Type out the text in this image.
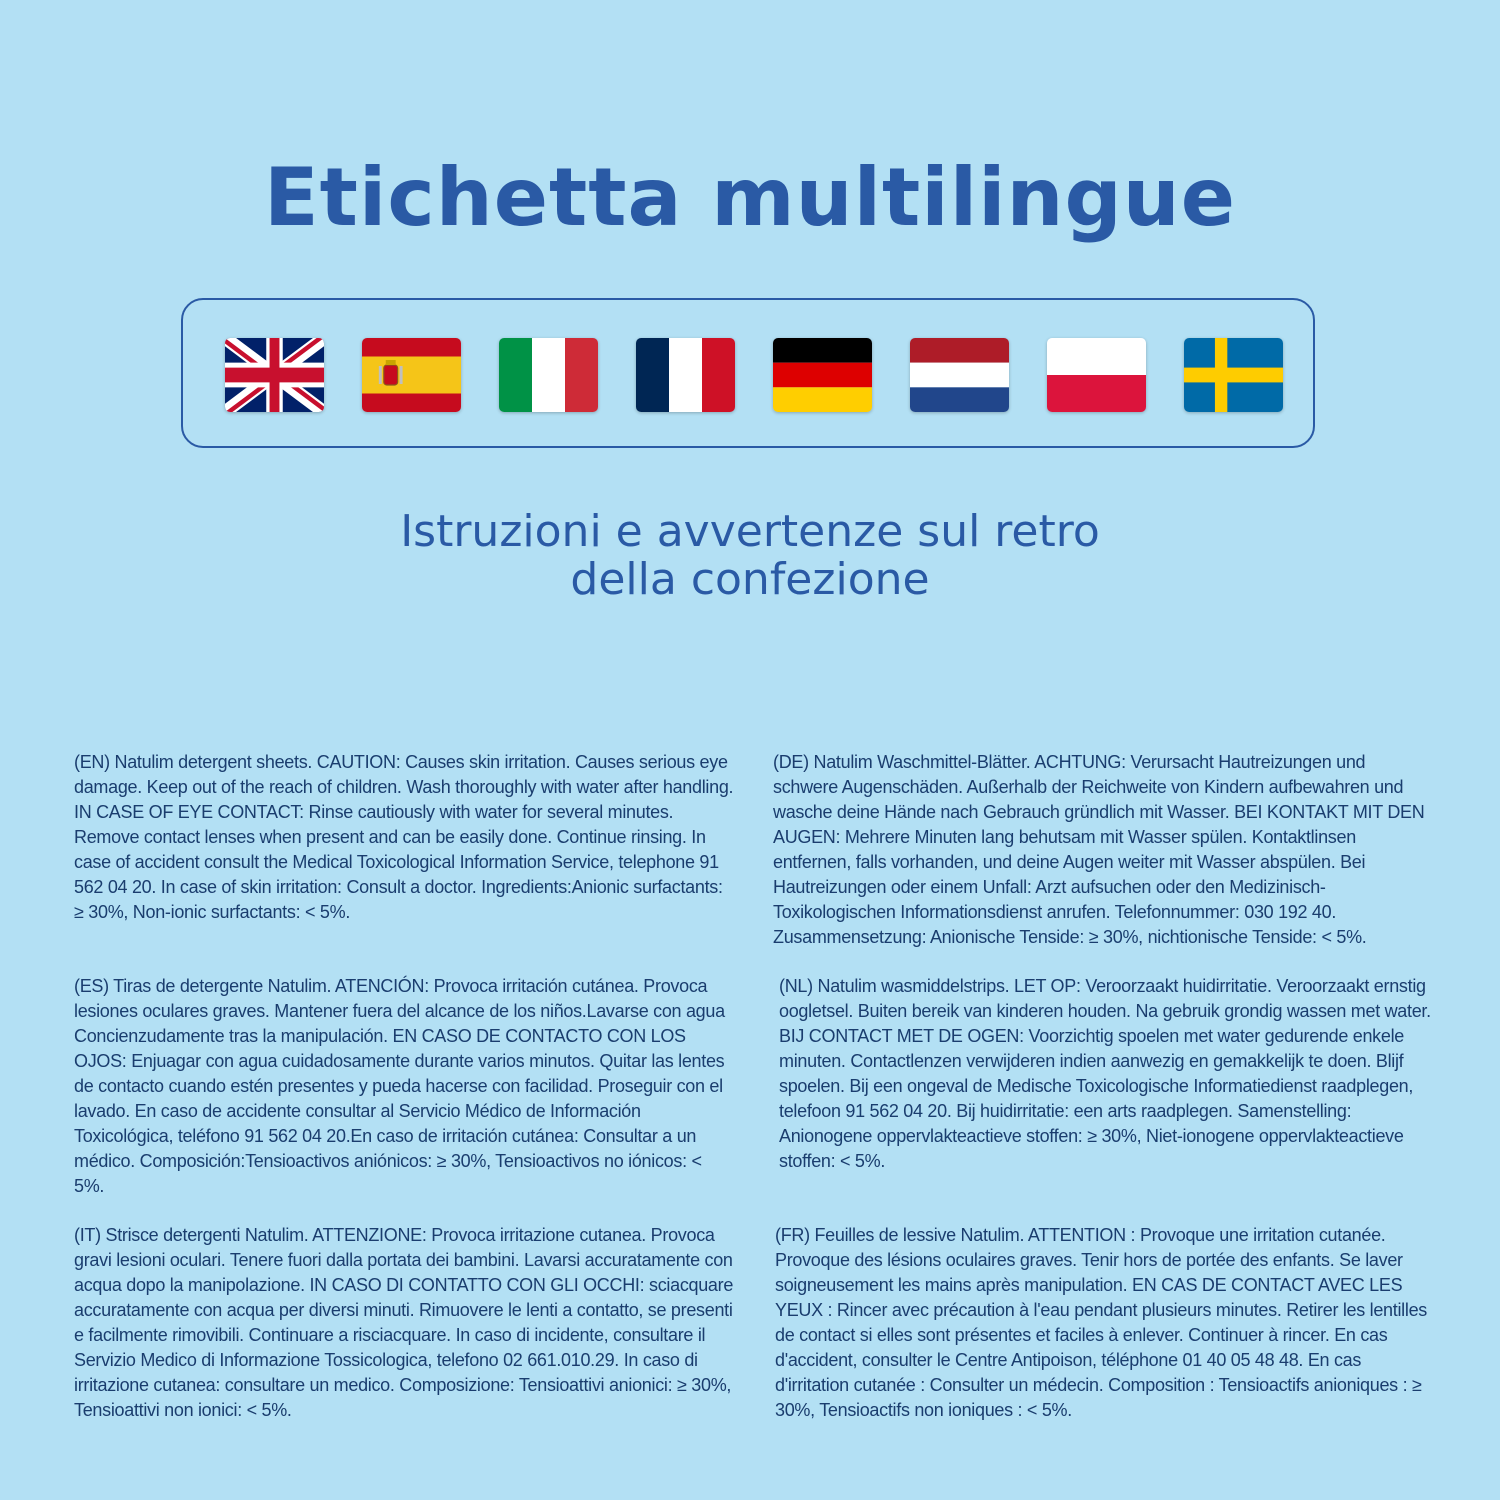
Etichetta multilingue
Istruzioni e avvertenze sul retro
della confezione

(EN) Natulim detergent sheets. CAUTION: Causes skin irritation. Causes serious eye damage. Keep out of the reach of children. Wash thoroughly with water after handling. IN CASE OF EYE CONTACT: Rinse cautiously with water for several minutes. Remove contact lenses when present and can be easily done. Continue rinsing. In case of accident consult the Medical Toxicological Information Service, telephone 91 562 04 20. In case of skin irritation: Consult a doctor. Ingredients:Anionic surfactants: ≥ 30%, Non-ionic surfactants: < 5%.

(DE) Natulim Waschmittel-Blätter. ACHTUNG: Verursacht Hautreizungen und schwere Augenschäden. Außerhalb der Reichweite von Kindern aufbewahren und wasche deine Hände nach Gebrauch gründlich mit Wasser. BEI KONTAKT MIT DEN AUGEN: Mehrere Minuten lang behutsam mit Wasser spülen. Kontaktlinsen entfernen, falls vorhanden, und deine Augen weiter mit Wasser abspülen. Bei Hautreizungen oder einem Unfall: Arzt aufsuchen oder den Medizinisch-Toxikologischen Informationsdienst anrufen. Telefonnummer: 030 192 40. Zusammensetzung: Anionische Tenside: ≥ 30%, nichtionische Tenside: < 5%.

(ES) Tiras de detergente Natulim. ATENCIÓN: Provoca irritación cutánea. Provoca lesiones oculares graves. Mantener fuera del alcance de los niños.Lavarse con agua Concienzudamente tras la manipulación. EN CASO DE CONTACTO CON LOS OJOS: Enjuagar con agua cuidadosamente durante varios minutos. Quitar las lentes de contacto cuando estén presentes y pueda hacerse con facilidad. Proseguir con el lavado. En caso de accidente consultar al Servicio Médico de Información Toxicológica, teléfono 91 562 04 20.En caso de irritación cutánea: Consultar a un médico. Composición:Tensioactivos aniónicos: ≥ 30%, Tensioactivos no iónicos: < 5%.

(NL) Natulim wasmiddelstrips. LET OP: Veroorzaakt huidirritatie. Veroorzaakt ernstig oogletsel. Buiten bereik van kinderen houden. Na gebruik grondig wassen met water. BIJ CONTACT MET DE OGEN: Voorzichtig spoelen met water gedurende enkele minuten. Contactlenzen verwijderen indien aanwezig en gemakkelijk te doen. Blijf spoelen. Bij een ongeval de Medische Toxicologische Informatiedienst raadplegen, telefoon 91 562 04 20. Bij huidirritatie: een arts raadplegen. Samenstelling: Anionogene oppervlakteactieve stoffen: ≥ 30%, Niet-ionogene oppervlakteactieve stoffen: < 5%.

(IT) Strisce detergenti Natulim. ATTENZIONE: Provoca irritazione cutanea. Provoca gravi lesioni oculari. Tenere fuori dalla portata dei bambini. Lavarsi accuratamente con acqua dopo la manipolazione. IN CASO DI CONTATTO CON GLI OCCHI: sciacquare accuratamente con acqua per diversi minuti. Rimuovere le lenti a contatto, se presenti e facilmente rimovibili. Continuare a risciacquare. In caso di incidente, consultare il Servizio Medico di Informazione Tossicologica, telefono 02 661.010.29. In caso di irritazione cutanea: consultare un medico. Composizione: Tensioattivi anionici: ≥ 30%, Tensioattivi non ionici: < 5%.

(FR) Feuilles de lessive Natulim. ATTENTION : Provoque une irritation cutanée. Provoque des lésions oculaires graves. Tenir hors de portée des enfants. Se laver soigneusement les mains après manipulation. EN CAS DE CONTACT AVEC LES YEUX : Rincer avec précaution à l'eau pendant plusieurs minutes. Retirer les lentilles de contact si elles sont présentes et faciles à enlever. Continuer à rincer. En cas d'accident, consulter le Centre Antipoison, téléphone 01 40 05 48 48. En cas d'irritation cutanée : Consulter un médecin. Composition : Tensioactifs anioniques : ≥ 30%, Tensioactifs non ioniques : < 5%.
